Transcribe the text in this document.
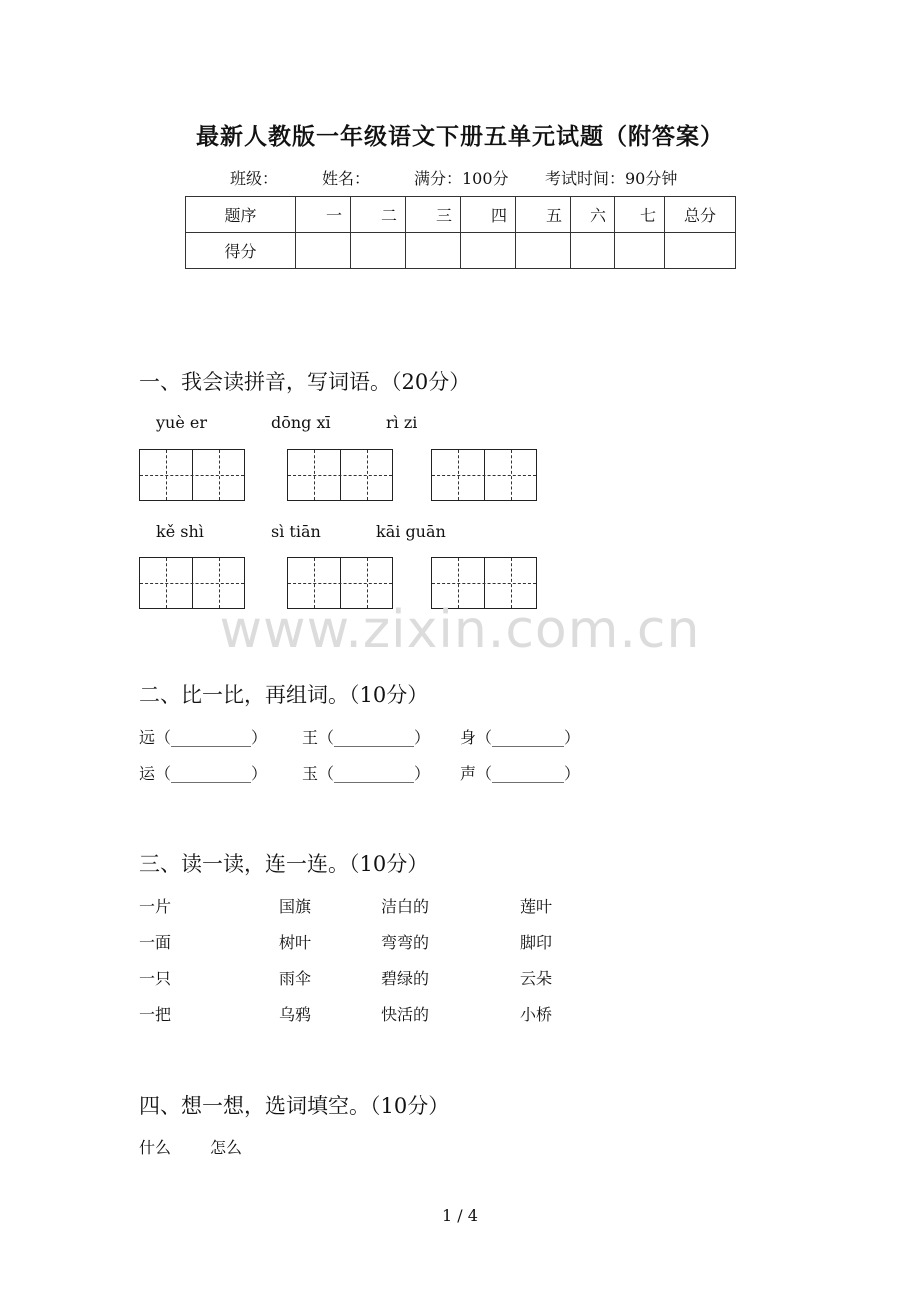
最新人教版一年级语文下册五单元试题（附答案）
班级：	姓名：	满分：100分 考试时间：90分钟
题序	一	二	三	四	五	六	七	总分
得分								
一、我会读拼音，写词语。（20分）
yuè er	dōng xī	rì zi
kě shì	sì tiān	kāi guān
www.zixin.com.cn
二、比一比，再组词。（10分）
远（__________） 王（__________） 身（_________）
运（__________） 玉（__________） 声（_________）
三、读一读，连一连。（10分）
一片	国旗	洁白的	莲叶
一面	树叶	弯弯的	脚印
一只	雨伞	碧绿的	云朵
一把	乌鸦	快活的	小桥
四、想一想，选词填空。（10分）
什么 怎么
1 / 4
